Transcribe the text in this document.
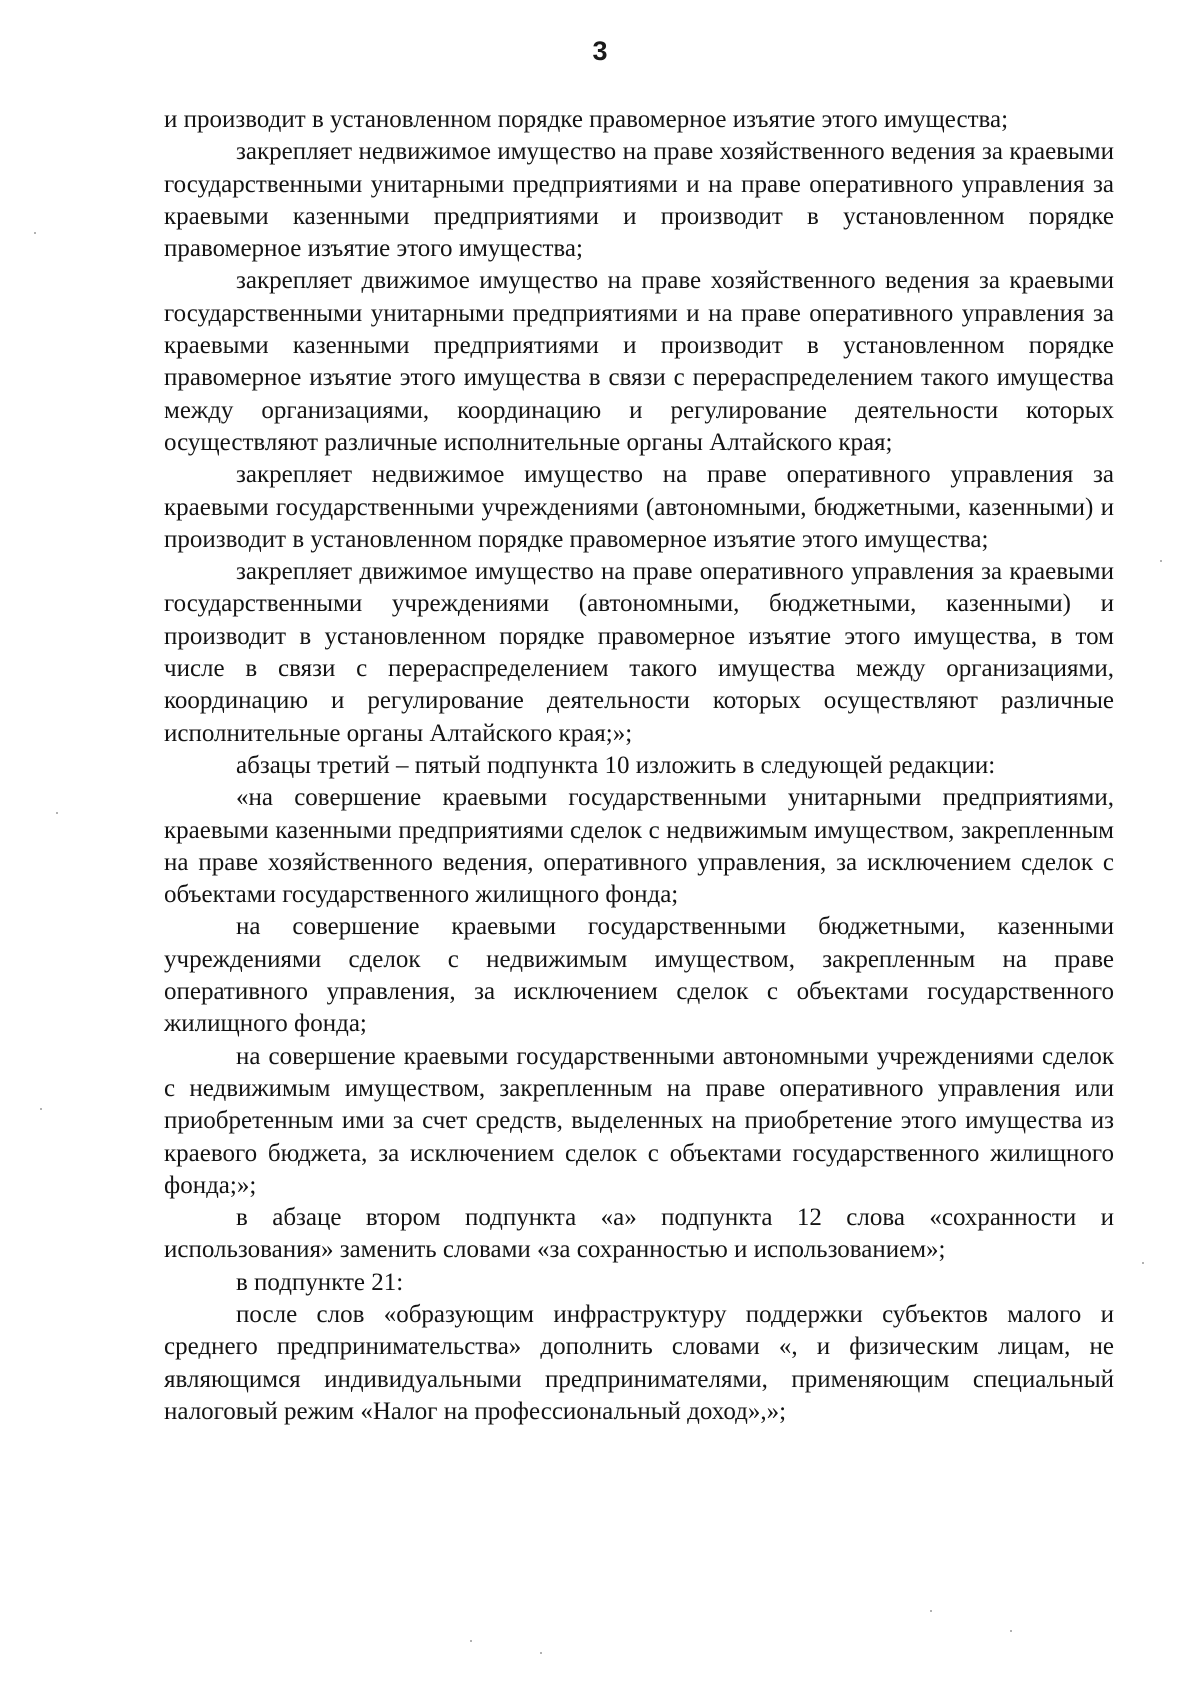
3

и производит в установленном порядке правомерное изъятие этого имущества;

закрепляет недвижимое имущество на праве хозяйственного ведения за краевыми государственными унитарными предприятиями и на праве оперативного управления за краевыми казенными предприятиями и производит в установленном порядке правомерное изъятие этого имущества;

закрепляет движимое имущество на праве хозяйственного ведения за краевыми государственными унитарными предприятиями и на праве оперативного управления за краевыми казенными предприятиями и производит в установленном порядке правомерное изъятие этого имущества в связи с перераспределением такого имущества между организациями, координацию и регулирование деятельности которых осуществляют различные исполнительные органы Алтайского края;

закрепляет недвижимое имущество на праве оперативного управления за краевыми государственными учреждениями (автономными, бюджетными, казенными) и производит в установленном порядке правомерное изъятие этого имущества;

закрепляет движимое имущество на праве оперативного управления за краевыми государственными учреждениями (автономными, бюджетными, казенными) и производит в установленном порядке правомерное изъятие этого имущества, в том числе в связи с перераспределением такого имущества между организациями, координацию и регулирование деятельности которых осуществляют различные исполнительные органы Алтайского края;»;

абзацы третий – пятый подпункта 10 изложить в следующей редакции:

«на совершение краевыми государственными унитарными предприятиями, краевыми казенными предприятиями сделок с недвижимым имуществом, закрепленным на праве хозяйственного ведения, оперативного управления, за исключением сделок с объектами государственного жилищного фонда;

на совершение краевыми государственными бюджетными, казенными учреждениями сделок с недвижимым имуществом, закрепленным на праве оперативного управления, за исключением сделок с объектами государственного жилищного фонда;

на совершение краевыми государственными автономными учреждениями сделок с недвижимым имуществом, закрепленным на праве оперативного управления или приобретенным ими за счет средств, выделенных на приобретение этого имущества из краевого бюджета, за исключением сделок с объектами государственного жилищного фонда;»;

в абзаце втором подпункта «а» подпункта 12 слова «сохранности и использования» заменить словами «за сохранностью и использованием»;

в подпункте 21:

после слов «образующим инфраструктуру поддержки субъектов малого и среднего предпринимательства» дополнить словами «, и физическим лицам, не являющимся индивидуальными предпринимателями, применяющим специальный налоговый режим «Налог на профессиональный доход»,»;
